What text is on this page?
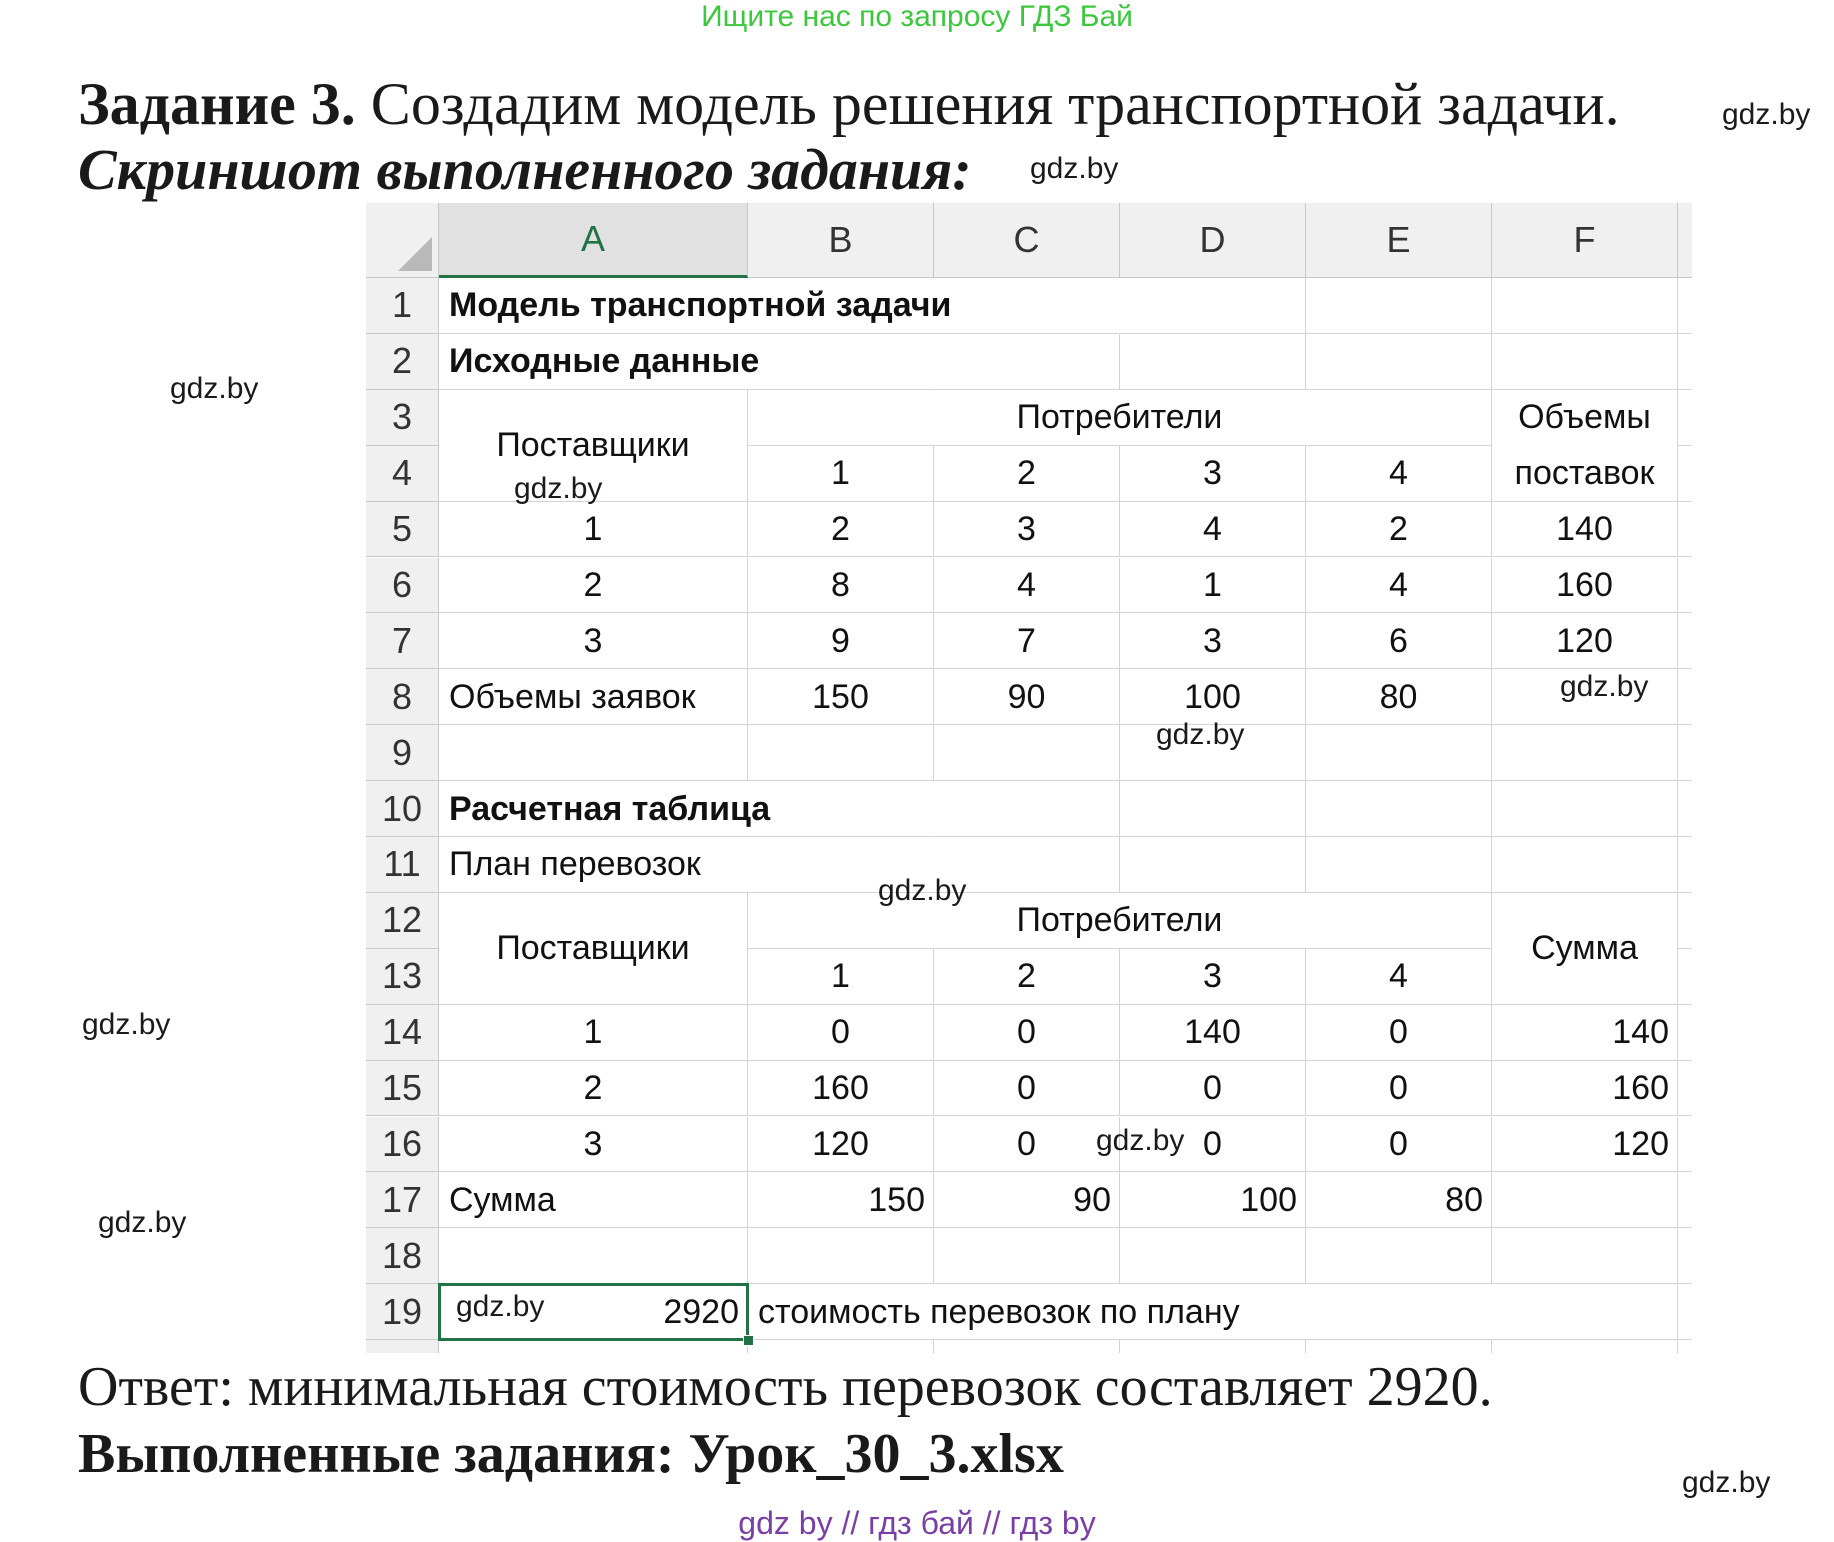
Ищите нас по запросу ГДЗ Бай
Задание 3. Создадим модель решения транспортной задачи.
Скриншот выполненного задания:
A	B	C	D	E	F
1
2
3
4
5
6
7
8
9
10
11
12
13
14
15
16
17
18
19
Модель транспортной задачи
Исходные данные
Поставщики
Потребители
1	2	3	4
Объемы
поставок
1	2	3	4	2	140
2	8	4	1	4	160
3	9	7	3	6	120
Объемы заявок	150	90	100	80
Расчетная таблица
План перевозок
Поставщики
Потребители
1	2	3	4
Сумма
1	0	0	140	0	140
2	160	0	0	0	160
3	120	0	0	0	120
Сумма	150	90	100	80
2920 стоимость перевозок по плану
Ответ: минимальная стоимость перевозок составляет 2920.
Выполненные задания: Урок_30_3.xlsx
gdz by // гдз бай // гдз by
gdz.by
gdz.by
gdz.by
gdz.by
gdz.by
gdz.by
gdz.by
gdz.by
gdz.by
gdz.by
gdz.by
gdz.by
